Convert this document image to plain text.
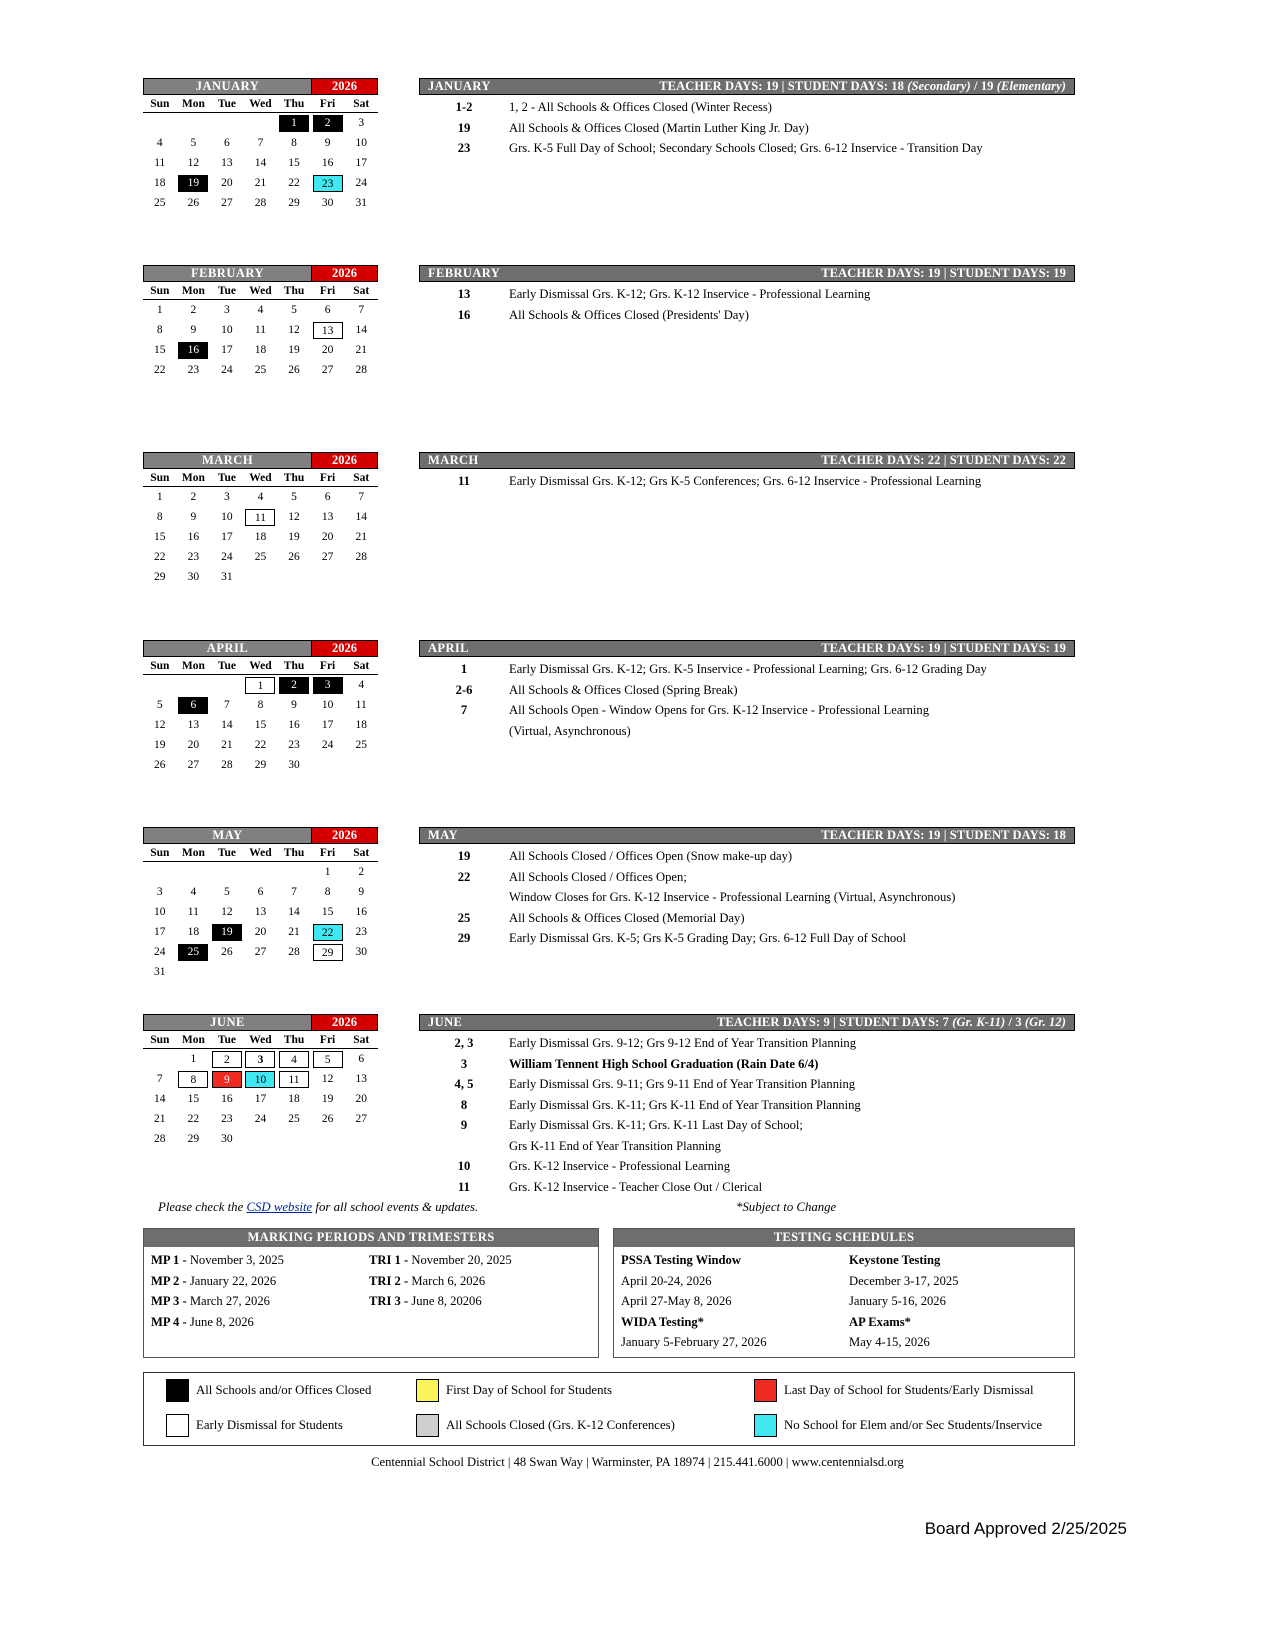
JANUARY	2026
Sun	Mon	Tue	Wed	Thu	Fri	Sat

				1	2	3

4	5	6	7	8	9	10

11	12	13	14	15	16	17

18	19	20	21	22	23	24

25	26	27	28	29	30	31
JANUARY	TEACHER DAYS: 19 | STUDENT DAYS: 18 (Secondary) / 19 (Elementary)
1-2	1, 2 - All Schools & Offices Closed (Winter Recess)
19	All Schools & Offices Closed (Martin Luther King Jr. Day)
23	Grs. K-5 Full Day of School; Secondary Schools Closed; Grs. 6-12 Inservice - Transition Day
FEBRUARY	2026
Sun	Mon	Tue	Wed	Thu	Fri	Sat

1	2	3	4	5	6	7

8	9	10	11	12	13	14

15	16	17	18	19	20	21

22	23	24	25	26	27	28
FEBRUARY	TEACHER DAYS: 19 | STUDENT DAYS: 19
13	Early Dismissal Grs. K-12; Grs. K-12 Inservice - Professional Learning
16	All Schools & Offices Closed (Presidents' Day)
MARCH	2026
Sun	Mon	Tue	Wed	Thu	Fri	Sat

1	2	3	4	5	6	7

8	9	10	11	12	13	14

15	16	17	18	19	20	21

22	23	24	25	26	27	28

29	30	31				

MARCH	TEACHER DAYS: 22 | STUDENT DAYS: 22
11	Early Dismissal Grs. K-12; Grs K-5 Conferences; Grs. 6-12 Inservice - Professional Learning
APRIL	2026
Sun	Mon	Tue	Wed	Thu	Fri	Sat

			1	2	3	4

5	6	7	8	9	10	11

12	13	14	15	16	17	18

19	20	21	22	23	24	25

26	27	28	29	30		

APRIL	TEACHER DAYS: 19 | STUDENT DAYS: 19
1	Early Dismissal Grs. K-12; Grs. K-5 Inservice - Professional Learning; Grs. 6-12 Grading Day
2-6	All Schools & Offices Closed (Spring Break)
7	All Schools Open - Window Opens for Grs. K-12 Inservice - Professional Learning
	(Virtual, Asynchronous)
MAY	2026
Sun	Mon	Tue	Wed	Thu	Fri	Sat

					1	2

3	4	5	6	7	8	9

10	11	12	13	14	15	16

17	18	19	20	21	22	23

24	25	26	27	28	29	30

31						

MAY	TEACHER DAYS: 19 | STUDENT DAYS: 18
19	All Schools Closed / Offices Open (Snow make-up day)
22	All Schools Closed / Offices Open;
	Window Closes for Grs. K-12 Inservice - Professional Learning (Virtual, Asynchronous)
25	All Schools & Offices Closed (Memorial Day)
29	Early Dismissal Grs. K-5; Grs K-5 Grading Day; Grs. 6-12 Full Day of School
JUNE	2026
Sun	Mon	Tue	Wed	Thu	Fri	Sat

	1	2	3	4	5	6

7	8	9	10	11	12	13

14	15	16	17	18	19	20

21	22	23	24	25	26	27

28	29	30				

JUNE	TEACHER DAYS: 9 | STUDENT DAYS: 7 (Gr. K-11) / 3 (Gr. 12)
2, 3	Early Dismissal Grs. 9-12; Grs 9-12 End of Year Transition Planning
3	William Tennent High School Graduation (Rain Date 6/4)
4, 5	Early Dismissal Grs. 9-11; Grs 9-11 End of Year Transition Planning
8	Early Dismissal Grs. K-11; Grs K-11 End of Year Transition Planning
9	Early Dismissal Grs. K-11; Grs. K-11 Last Day of School;
	Grs K-11 End of Year Transition Planning
10	Grs. K-12 Inservice - Professional Learning
11	Grs. K-12 Inservice - Teacher Close Out / Clerical
Please check the CSD website for all school events & updates.	*Subject to Change
MARKING PERIODS AND TRIMESTERS
MP 1 - November 3, 2025	TRI 1 - November 20, 2025
MP 2 - January 22, 2026	TRI 2 - March 6, 2026
MP 3 - March 27, 2026	TRI 3 - June 8, 20206
MP 4 - June 8, 2026
TESTING SCHEDULES
PSSA Testing Window	Keystone Testing
April 20-24, 2026	December 3-17, 2025
April 27-May 8, 2026	January 5-16, 2026
WIDA Testing*	AP Exams*
January 5-February 27, 2026	May 4-15, 2026
All Schools and/or Offices Closed	First Day of School for Students	Last Day of School for Students/Early Dismissal
Early Dismissal for Students	All Schools Closed (Grs. K-12 Conferences)	No School for Elem and/or Sec Students/Inservice
Centennial School District | 48 Swan Way | Warminster, PA 18974 | 215.441.6000 | www.centennialsd.org
Board Approved 2/25/2025
